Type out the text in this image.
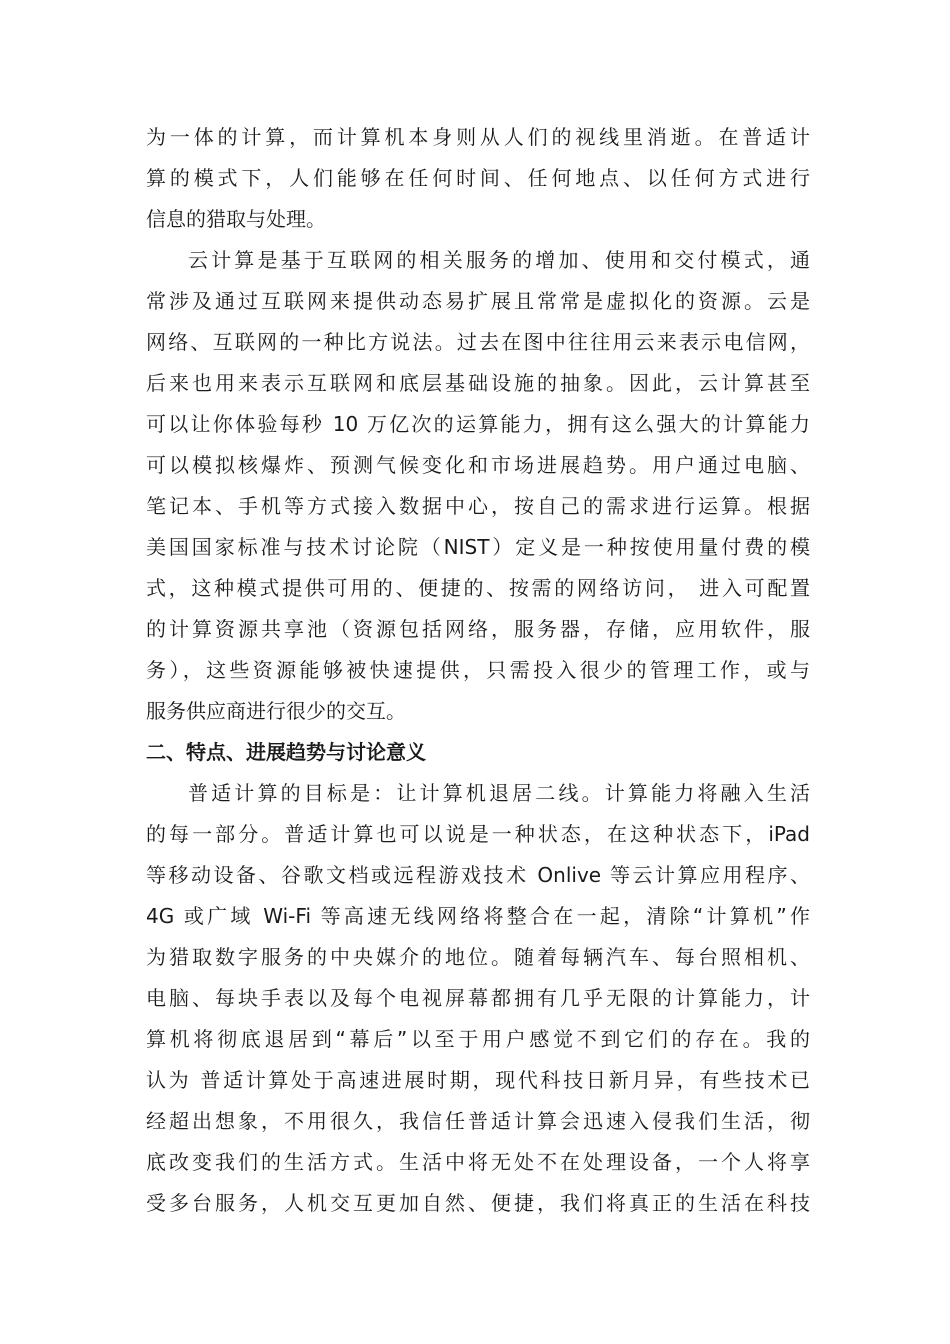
为一体的计算，而计算机本身则从人们的视线里消逝。在普适计
算的模式下，人们能够在任何时间、任何地点、以任何方式进行
信息的猎取与处理。
云计算是基于互联网的相关服务的增加、使用和交付模式，通
常涉及通过互联网来提供动态易扩展且常常是虚拟化的资源。云是
网络、互联网的一种比方说法。过去在图中往往用云来表示电信网，
后来也用来表示互联网和底层基础设施的抽象。因此，云计算甚至
可以让你体验每秒 10 万亿次的运算能力，拥有这么强大的计算能力
可以模拟核爆炸、预测气候变化和市场进展趋势。用户通过电脑、
笔记本、手机等方式接入数据中心，按自己的需求进行运算。根据
美国国家标准与技术讨论院（NIST）定义是一种按使用量付费的模
式，这种模式提供可用的、便捷的、按需的网络访问， 进入可配置
的计算资源共享池（资源包括网络，服务器，存储，应用软件，服
务），这些资源能够被快速提供，只需投入很少的管理工作，或与
服务供应商进行很少的交互。
二、特点、进展趋势与讨论意义
普适计算的目标是：让计算机退居二线。计算能力将融入生活
的每一部分。普适计算也可以说是一种状态，在这种状态下，iPad
等移动设备、谷歌文档或远程游戏技术 Onlive 等云计算应用程序、
4G 或广域 Wi-Fi 等高速无线网络将整合在一起，清除“计算机”作
为猎取数字服务的中央媒介的地位。随着每辆汽车、每台照相机、
电脑、每块手表以及每个电视屏幕都拥有几乎无限的计算能力，计
算机将彻底退居到“幕后”以至于用户感觉不到它们的存在。我的
认为 普适计算处于高速进展时期，现代科技日新月异，有些技术已
经超出想象，不用很久，我信任普适计算会迅速入侵我们生活，彻
底改变我们的生活方式。生活中将无处不在处理设备，一个人将享
受多台服务，人机交互更加自然、便捷，我们将真正的生活在科技
